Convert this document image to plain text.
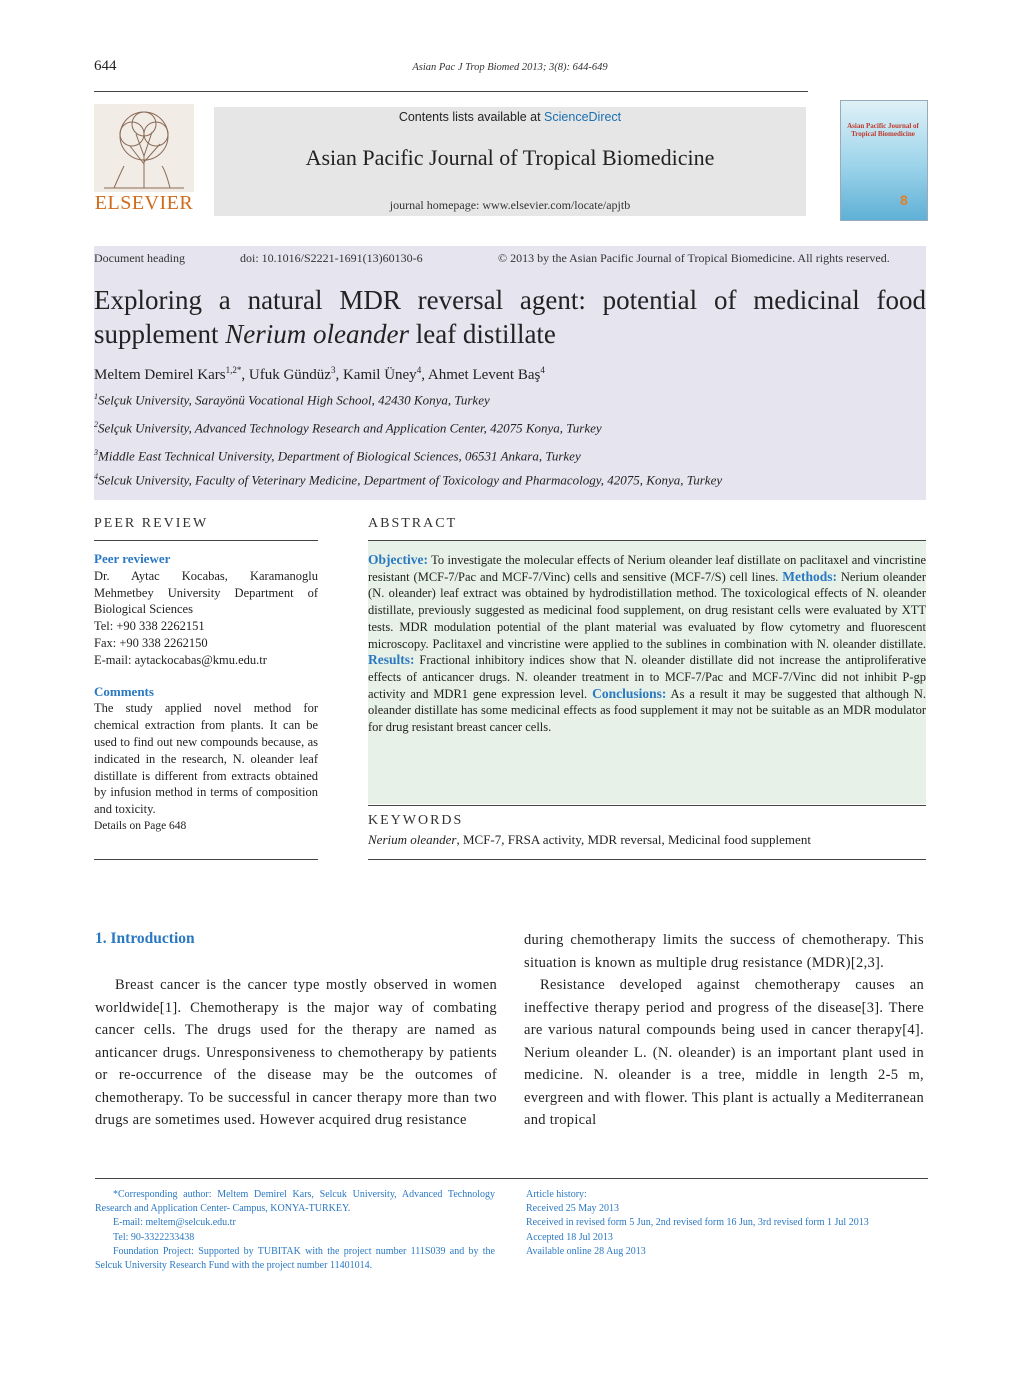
644	Asian Pac J Trop Biomed 2013; 3(8): 644-649
ELSEVIER
Contents lists available at ScienceDirect
Asian Pacific Journal of Tropical Biomedicine
journal homepage: www.elsevier.com/locate/apjtb
Asian Pacific Journal of Tropical Biomedicine
8
Document heading	doi: 10.1016/S2221-1691(13)60130-6	© 2013 by the Asian Pacific Journal of Tropical Biomedicine. All rights reserved.
Exploring a natural MDR reversal agent: potential of medicinal food supplement Nerium oleander leaf distillate
Meltem Demirel Kars$^{1,2*}$, Ufuk Gündüz$^3$, Kamil Üney$^4$, Ahmet Levent Baş$^4$
$^1$Selçuk University, Sarayönü Vocational High School, 42430 Konya, Turkey
$^2$Selçuk University, Advanced Technology Research and Application Center, 42075 Konya, Turkey
$^3$Middle East Technical University, Department of Biological Sciences, 06531 Ankara, Turkey
$^4$Selcuk University, Faculty of Veterinary Medicine, Department of Toxicology and Pharmacology, 42075, Konya, Turkey
PEER REVIEW

Peer reviewer

Dr. Aytac Kocabas, Karamanoglu Mehmetbey University Department of Biological Sciences

Tel: +90 338 2262151

Fax: +90 338 2262150

E-mail: aytackocabas@kmu.edu.tr

Comments

The study applied novel method for chemical extraction from plants. It can be used to find out new compounds because, as indicated in the research, N. oleander leaf distillate is different from extracts obtained by infusion method in terms of composition and toxicity.

Details on Page 648

ABSTRACT
Objective: To investigate the molecular effects of Nerium oleander leaf distillate on paclitaxel and vincristine resistant (MCF-7/Pac and MCF-7/Vinc) cells and sensitive (MCF-7/S) cell lines. Methods: Nerium oleander (N. oleander) leaf extract was obtained by hydrodistillation method. The toxicological effects of N. oleander distillate, previously suggested as medicinal food supplement, on drug resistant cells were evaluated by XTT tests. MDR modulation potential of the plant material was evaluated by flow cytometry and fluorescent microscopy. Paclitaxel and vincristine were applied to the sublines in combination with N. oleander distillate. Results: Fractional inhibitory indices show that N. oleander distillate did not increase the antiproliferative effects of anticancer drugs. N. oleander treatment in to MCF-7/Pac and MCF-7/Vinc did not inhibit P-gp activity and MDR1 gene expression level. Conclusions: As a result it may be suggested that although N. oleander distillate has some medicinal effects as food supplement it may not be suitable as an MDR modulator for drug resistant breast cancer cells.
KEYWORDS
Nerium oleander, MCF-7, FRSA activity, MDR reversal, Medicinal food supplement
1. Introduction

Breast cancer is the cancer type mostly observed in women worldwide[1]. Chemotherapy is the major way of combating cancer cells. The drugs used for the therapy are named as anticancer drugs. Unresponsiveness to chemotherapy by patients or re-occurrence of the disease may be the outcomes of chemotherapy. To be successful in cancer therapy more than two drugs are sometimes used. However acquired drug resistance

during chemotherapy limits the success of chemotherapy. This situation is known as multiple drug resistance (MDR)[2,3].

Resistance developed against chemotherapy causes an ineffective therapy period and progress of the disease[3]. There are various natural compounds being used in cancer therapy[4]. Nerium oleander L. (N. oleander) is an important plant used in medicine. N. oleander is a tree, middle in length 2-5 m, evergreen and with flower. This plant is actually a Mediterranean and tropical

*Corresponding author: Meltem Demirel Kars, Selcuk University, Advanced Technology Research and Application Center- Campus, KONYA-TURKEY.

E-mail: meltem@selcuk.edu.tr

Tel: 90-3322233438

Foundation Project: Supported by TUBITAK with the project number 111S039 and by the Selcuk University Research Fund with the project number 11401014.

Article history:

Received 25 May 2013

Received in revised form 5 Jun, 2nd revised form 16 Jun, 3rd revised form 1 Jul 2013

Accepted 18 Jul 2013

Available online 28 Aug 2013
